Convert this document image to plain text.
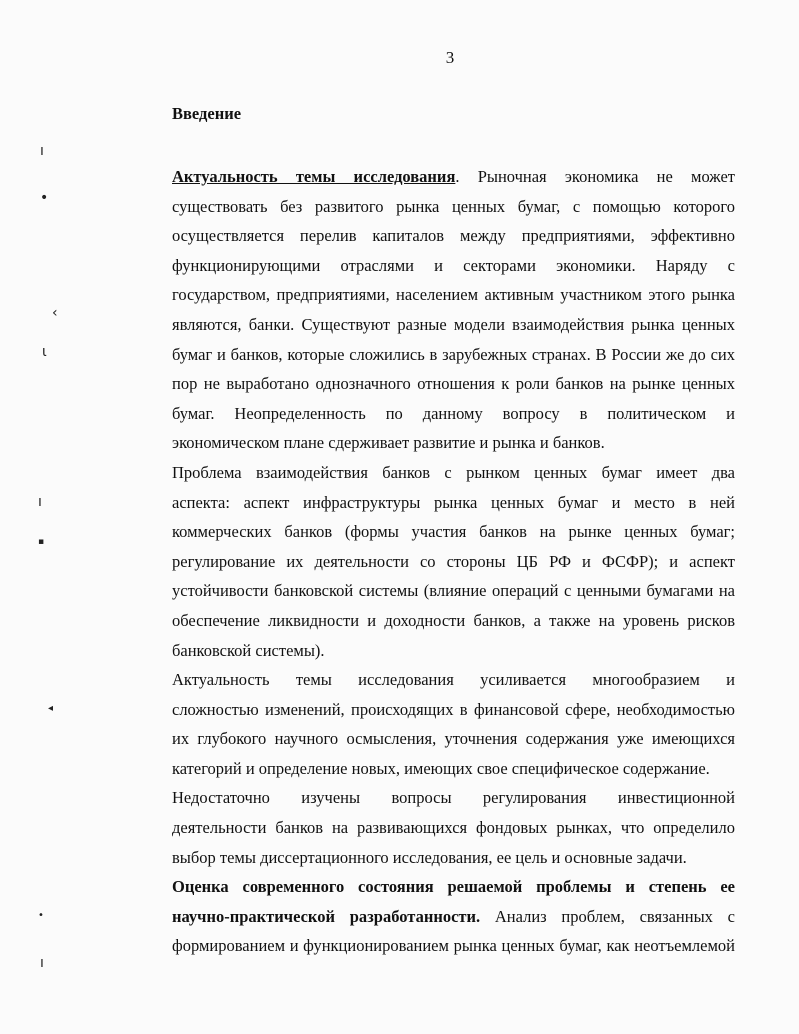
3
Введение
ı
•
‹
ι
ı
▪
◂
•
ı

Актуальность темы исследования. Рыночная экономика не может
существовать без развитого рынка ценных бумаг, с помощью которого
осуществляется перелив капиталов между предприятиями, эффективно
функционирующими отраслями и секторами экономики. Наряду с
государством, предприятиями, населением активным участником этого рынка
являются, банки. Существуют разные модели взаимодействия рынка ценных
бумаг и банков, которые сложились в зарубежных странах. В России же до сих
пор не выработано однозначного отношения к роли банков на рынке ценных
бумаг. Неопределенность по данному вопросу в политическом и
экономическом плане сдерживает развитие и рынка и банков.

Проблема взаимодействия банков с рынком ценных бумаг имеет два
аспекта: аспект инфраструктуры рынка ценных бумаг и место в ней
коммерческих банков (формы участия банков на рынке ценных бумаг;
регулирование их деятельности со стороны ЦБ РФ и ФСФР); и аспект
устойчивости банковской системы (влияние операций с ценными бумагами на
обеспечение ликвидности и доходности банков, а также на уровень рисков
банковской системы).

Актуальность темы исследования усиливается многообразием и
сложностью изменений, происходящих в финансовой сфере, необходимостью
их глубокого научного осмысления, уточнения содержания уже имеющихся
категорий и определение новых, имеющих свое специфическое содержание.

Недостаточно изучены вопросы регулирования инвестиционной
деятельности банков на развивающихся фондовых рынках, что определило
выбор темы диссертационного исследования, ее цель и основные задачи.

Оценка современного состояния решаемой проблемы и степень ее
научно-практической разработанности. Анализ проблем, связанных с
формированием и функционированием рынка ценных бумаг, как неотъемлемой
